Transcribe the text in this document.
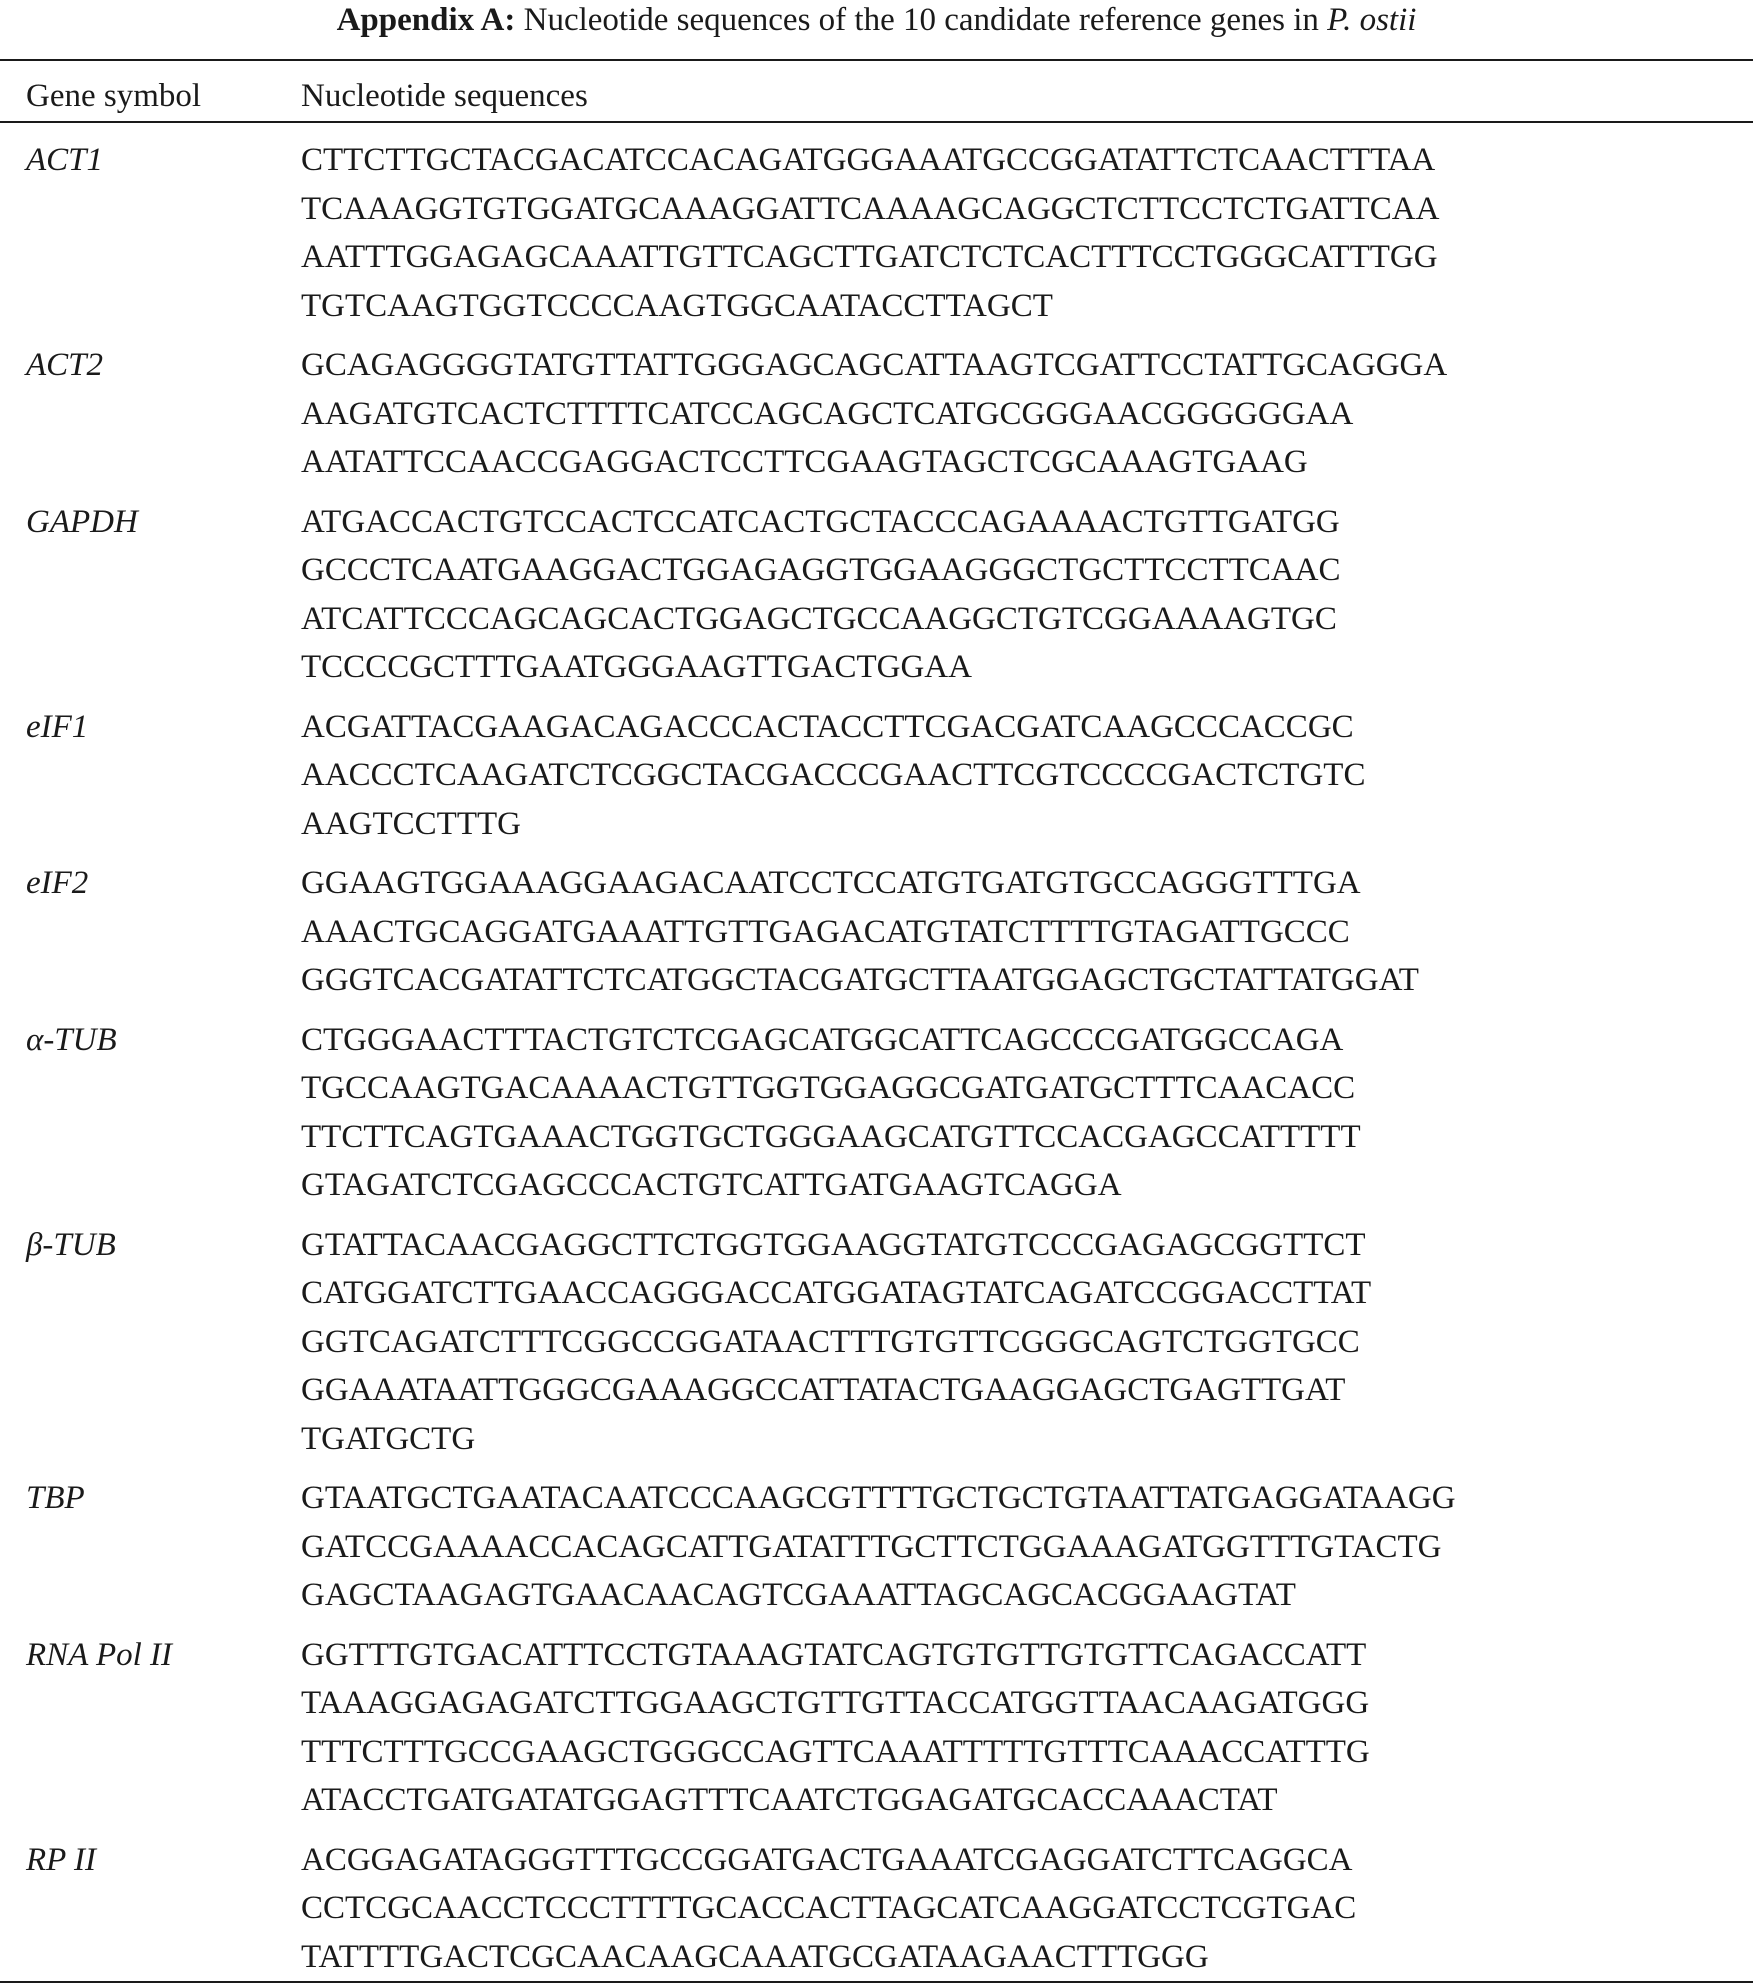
Appendix A: Nucleotide sequences of the 10 candidate reference genes in P. ostii
Gene symbol	Nucleotide sequences
ACT1	CTTCTTGCTACGACATCCACAGATGGGAAATGCCGGATATTCTCAACTTTAA
TCAAAGGTGTGGATGCAAAGGATTCAAAAGCAGGCTCTTCCTCTGATTCAA
AATTTGGAGAGCAAATTGTTCAGCTTGATCTCTCACTTTCCTGGGCATTTGG
TGTCAAGTGGTCCCCAAGTGGCAATACCTTAGCT
ACT2	GCAGAGGGGTATGTTATTGGGAGCAGCATTAAGTCGATTCCTATTGCAGGGA
AAGATGTCACTCTTTTCATCCAGCAGCTCATGCGGGAACGGGGGGAA
AATATTCCAACCGAGGACTCCTTCGAAGTAGCTCGCAAAGTGAAG
GAPDH	ATGACCACTGTCCACTCCATCACTGCTACCCAGAAAACTGTTGATGG
GCCCTCAATGAAGGACTGGAGAGGTGGAAGGGCTGCTTCCTTCAAC
ATCATTCCCAGCAGCACTGGAGCTGCCAAGGCTGTCGGAAAAGTGC
TCCCCGCTTTGAATGGGAAGTTGACTGGAA
eIF1	ACGATTACGAAGACAGACCCACTACCTTCGACGATCAAGCCCACCGC
AACCCTCAAGATCTCGGCTACGACCCGAACTTCGTCCCCGACTCTGTC
AAGTCCTTTG
eIF2	GGAAGTGGAAAGGAAGACAATCCTCCATGTGATGTGCCAGGGTTTGA
AAACTGCAGGATGAAATTGTTGAGACATGTATCTTTTGTAGATTGCCC
GGGTCACGATATTCTCATGGCTACGATGCTTAATGGAGCTGCTATTATGGAT
α-TUB	CTGGGAACTTTACTGTCTCGAGCATGGCATTCAGCCCGATGGCCAGA
TGCCAAGTGACAAAACTGTTGGTGGAGGCGATGATGCTTTCAACACC
TTCTTCAGTGAAACTGGTGCTGGGAAGCATGTTCCACGAGCCATTTTT
GTAGATCTCGAGCCCACTGTCATTGATGAAGTCAGGA
β-TUB	GTATTACAACGAGGCTTCTGGTGGAAGGTATGTCCCGAGAGCGGTTCT
CATGGATCTTGAACCAGGGACCATGGATAGTATCAGATCCGGACCTTAT
GGTCAGATCTTTCGGCCGGATAACTTTGTGTTCGGGCAGTCTGGTGCC
GGAAATAATTGGGCGAAAGGCCATTATACTGAAGGAGCTGAGTTGAT
TGATGCTG
TBP	GTAATGCTGAATACAATCCCAAGCGTTTTGCTGCTGTAATTATGAGGATAAGG
GATCCGAAAACCACAGCATTGATATTTGCTTCTGGAAAGATGGTTTGTACTG
GAGCTAAGAGTGAACAACAGTCGAAATTAGCAGCACGGAAGTAT
RNA Pol II	GGTTTGTGACATTTCCTGTAAAGTATCAGTGTGTTGTGTTCAGACCATT
TAAAGGAGAGATCTTGGAAGCTGTTGTTACCATGGTTAACAAGATGGG
TTTCTTTGCCGAAGCTGGGCCAGTTCAAATTTTTGTTTCAAACCATTTG
ATACCTGATGATATGGAGTTTCAATCTGGAGATGCACCAAACTAT
RP II	ACGGAGATAGGGTTTGCCGGATGACTGAAATCGAGGATCTTCAGGCA
CCTCGCAACCTCCCTTTTGCACCACTTAGCATCAAGGATCCTCGTGAC
TATTTTGACTCGCAACAAGCAAATGCGATAAGAACTTTGGG
